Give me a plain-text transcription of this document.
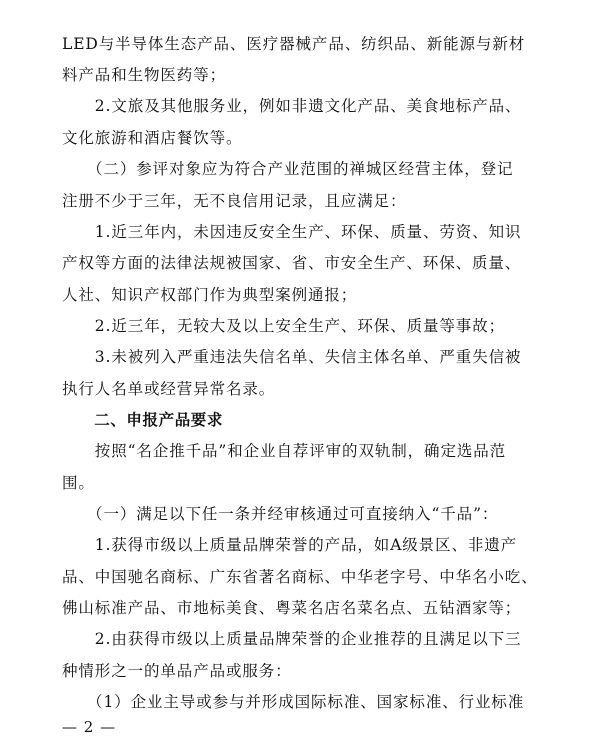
LED与半导体生态产品、医疗器械产品、纺织品、新能源与新材
料产品和生物医药等；
　　2.文旅及其他服务业，例如非遗文化产品、美食地标产品、
文化旅游和酒店餐饮等。
　　（二）参评对象应为符合产业范围的禅城区经营主体，登记
注册不少于三年，无不良信用记录，且应满足：
　　1.近三年内，未因违反安全生产、环保、质量、劳资、知识
产权等方面的法律法规被国家、省、市安全生产、环保、质量、
人社、知识产权部门作为典型案例通报；
　　2.近三年，无较大及以上安全生产、环保、质量等事故；
　　3.未被列入严重违法失信名单、失信主体名单、严重失信被
执行人名单或经营异常名录。
　　二、申报产品要求
　　按照“名企推千品”和企业自荐评审的双轨制，确定选品范
围。
　　（一）满足以下任一条并经审核通过可直接纳入“千品”：
　　1.获得市级以上质量品牌荣誉的产品，如A级景区、非遗产
品、中国驰名商标、广东省著名商标、中华老字号、中华名小吃、
佛山标准产品、市地标美食、粤菜名店名菜名点、五钻酒家等；
　　2.由获得市级以上质量品牌荣誉的企业推荐的且满足以下三
种情形之一的单品产品或服务：
　　（1）企业主导或参与并形成国际标准、国家标准、行业标准
— 2 —
